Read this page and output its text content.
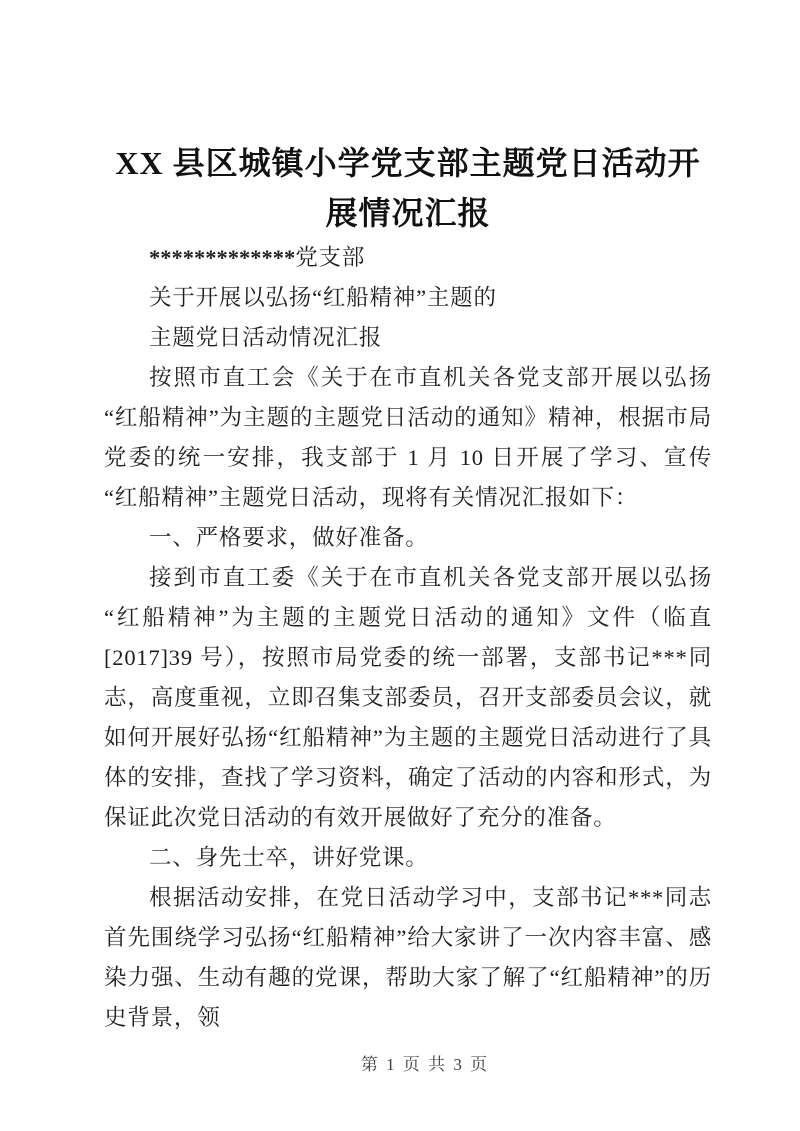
XX 县区城镇小学党支部主题党日活动开展情况汇报

*************党支部

关于开展以弘扬“红船精神”主题的

主题党日活动情况汇报

按照市直工会《关于在市直机关各党支部开展以弘扬“红船精神”为主题的主题党日活动的通知》精神，根据市局党委的统一安排，我支部于 1 月 10 日开展了学习、宣传“红船精神”主题党日活动，现将有关情况汇报如下：

一、严格要求，做好准备。

接到市直工委《关于在市直机关各党支部开展以弘扬“红船精神”为主题的主题党日活动的通知》文件（临直[2017]39 号），按照市局党委的统一部署，支部书记***同志，高度重视，立即召集支部委员，召开支部委员会议，就如何开展好弘扬“红船精神”为主题的主题党日活动进行了具体的安排，查找了学习资料，确定了活动的内容和形式，为保证此次党日活动的有效开展做好了充分的准备。

二、身先士卒，讲好党课。

根据活动安排，在党日活动学习中，支部书记***同志首先围绕学习弘扬“红船精神”给大家讲了一次内容丰富、感染力强、生动有趣的党课，帮助大家了解了“红船精神”的历史背景，领

第 1 页 共 3 页
